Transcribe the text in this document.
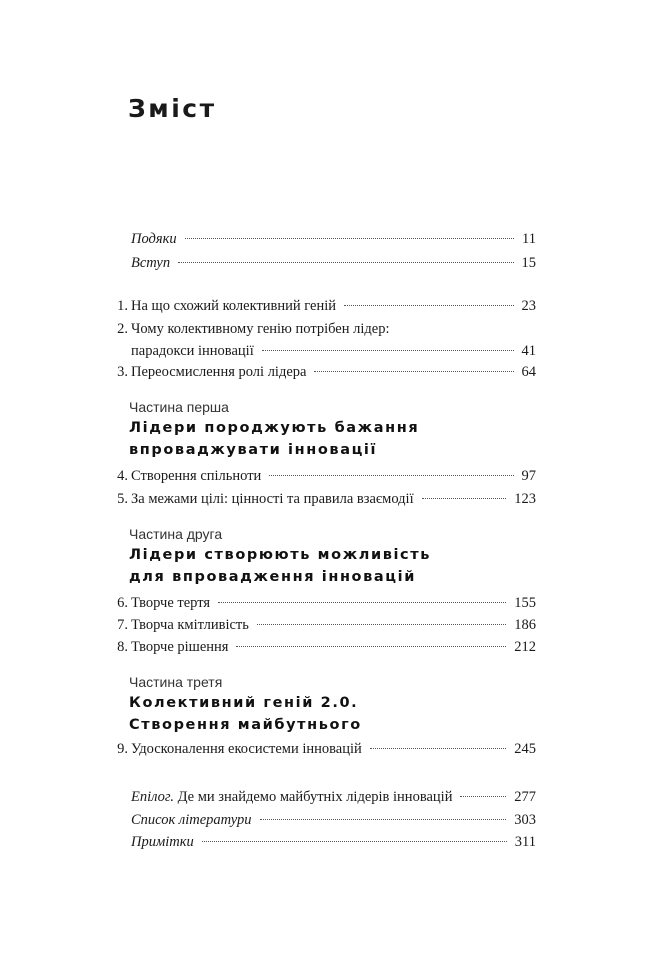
Зміст
Подяки	11
Вступ	15
1. На що схожий колективний геній	23
2. Чому колективному генію потрібен лідер:
парадокси інновації	41
3. Переосмислення ролі лідера	64
Частина перша
Лідери породжують бажання
впроваджувати інновації
4. Створення спільноти	97
5. За межами цілі: цінності та правила взаємодії	123
Частина друга
Лідери створюють можливість
для впровадження інновацій
6. Творче тертя	155
7. Творча кмітливість	186
8. Творче рішення	212
Частина третя
Колективний геній 2.0.
Створення майбутнього
9. Удосконалення екосистеми інновацій	245
Епілог. Де ми знайдемо майбутніх лідерів інновацій	277
Список літератури	303
Примітки	311
